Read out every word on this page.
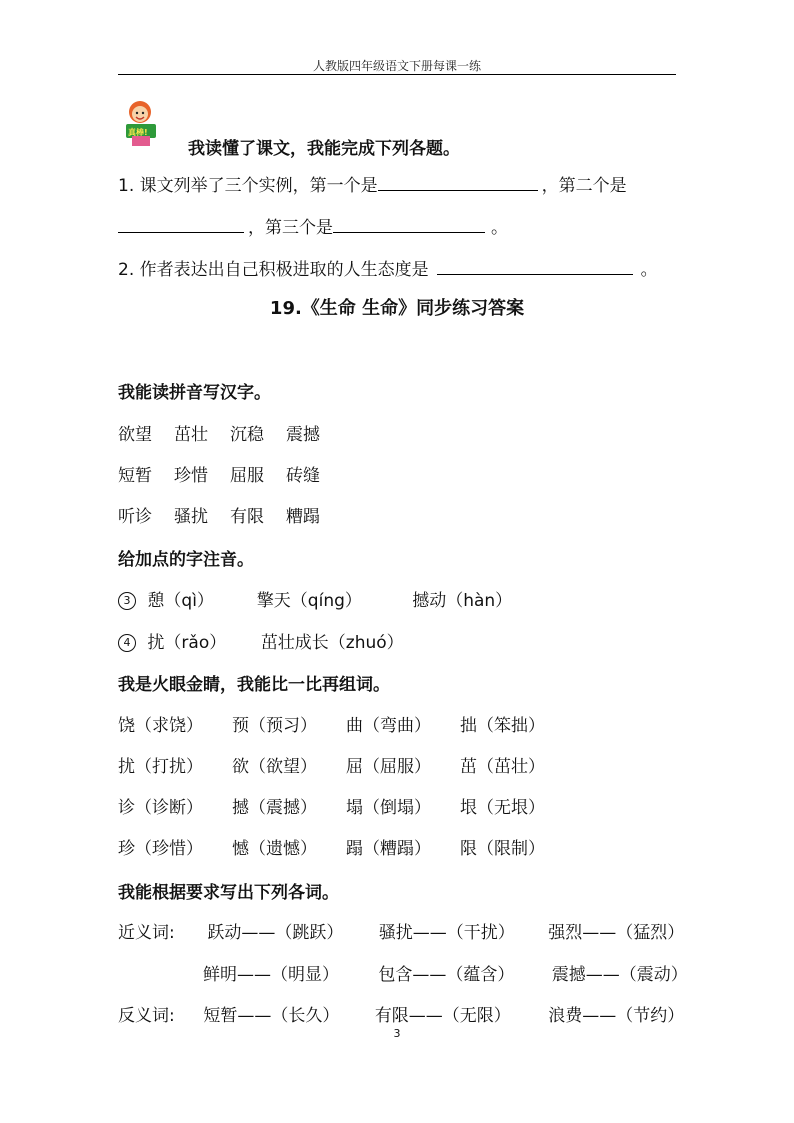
人教版四年级语文下册每课一练
真棒!
我读懂了课文，我能完成下列各题。
1. 课文列举了三个实例，第一个是	，第二个是
，第三个是	。
2. 作者表达出自己积极进取的人生态度是	。
19.《生命 生命》同步练习答案
我能读拼音写汉字。
欲望 茁壮 沉稳 震撼
短暂 珍惜 屈服 砖缝
听诊 骚扰 有限 糟蹋
给加点的字注音。
3 憩（qì）	擎天（qíng）	撼动（hàn）
4 扰（rǎo） 茁壮成长（zhuó）
我是火眼金睛，我能比一比再组词。
饶（求饶） 预（预习） 曲（弯曲） 拙（笨拙）
扰（打扰） 欲（欲望） 屈（屈服） 茁（茁壮）
诊（诊断） 撼（震撼） 塌（倒塌） 垠（无垠）
珍（珍惜） 憾（遗憾） 蹋（糟蹋） 限（限制）
我能根据要求写出下列各词。
近义词: 跃动——（跳跃） 骚扰——（干扰） 强烈——（猛烈）
鲜明——（明显） 包含——（蕴含） 震撼——（震动）
反义词: 短暂——（长久） 有限——（无限） 浪费——（节约）
3
